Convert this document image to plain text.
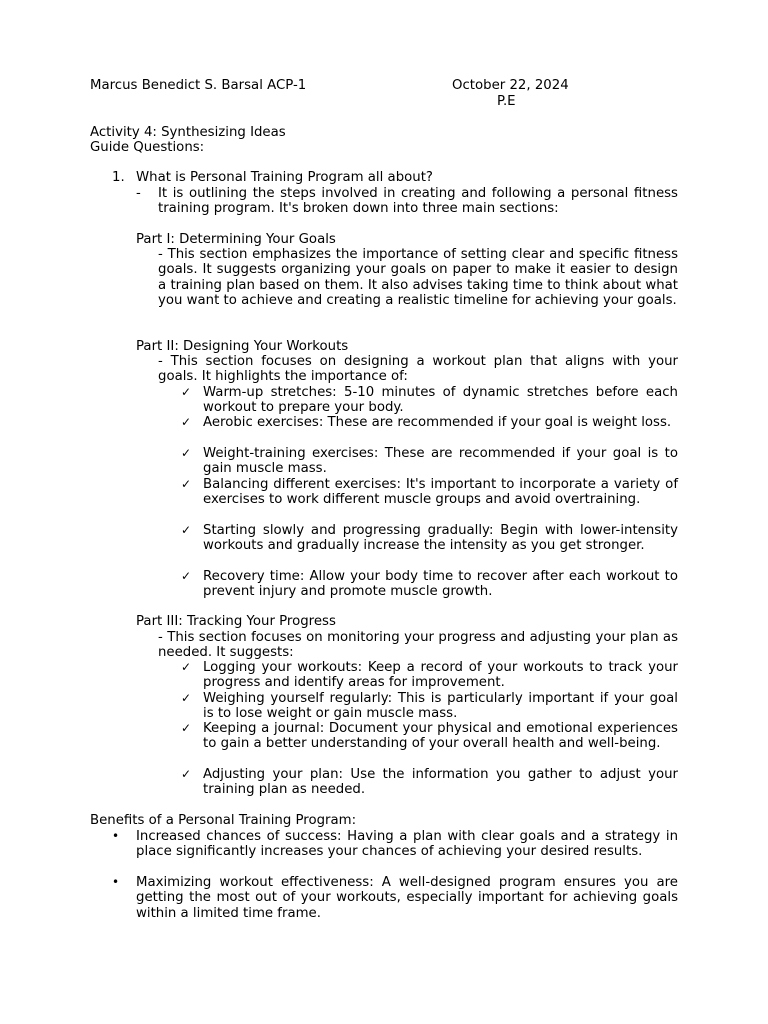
Marcus Benedict S. Barsal ACP-1	October 22, 2024
P.E
Activity 4: Synthesizing Ideas
Guide Questions:
1. What is Personal Training Program all about?
- It is outlining the steps involved in creating and following a personal fitness training program. It's broken down into three main sections:
Part I: Determining Your Goals
- This section emphasizes the importance of setting clear and specific fitness goals. It suggests organizing your goals on paper to make it easier to design a training plan based on them. It also advises taking time to think about what you want to achieve and creating a realistic timeline for achieving your goals.
Part II: Designing Your Workouts
- This section focuses on designing a workout plan that aligns with your goals. It highlights the importance of:
✓ Warm-up stretches: 5-10 minutes of dynamic stretches before each workout to prepare your body.
✓ Aerobic exercises: These are recommended if your goal is weight loss.
✓ Weight-training exercises: These are recommended if your goal is to gain muscle mass.
✓ Balancing different exercises: It's important to incorporate a variety of exercises to work different muscle groups and avoid overtraining.
✓ Starting slowly and progressing gradually: Begin with lower-intensity workouts and gradually increase the intensity as you get stronger.
✓ Recovery time: Allow your body time to recover after each workout to prevent injury and promote muscle growth.
Part III: Tracking Your Progress
- This section focuses on monitoring your progress and adjusting your plan as needed. It suggests:
✓ Logging your workouts: Keep a record of your workouts to track your progress and identify areas for improvement.
✓ Weighing yourself regularly: This is particularly important if your goal is to lose weight or gain muscle mass.
✓ Keeping a journal: Document your physical and emotional experiences to gain a better understanding of your overall health and well-being.
✓ Adjusting your plan: Use the information you gather to adjust your training plan as needed.
Benefits of a Personal Training Program:
• Increased chances of success: Having a plan with clear goals and a strategy in place significantly increases your chances of achieving your desired results.
• Maximizing workout effectiveness: A well-designed program ensures you are getting the most out of your workouts, especially important for achieving goals within a limited time frame.
